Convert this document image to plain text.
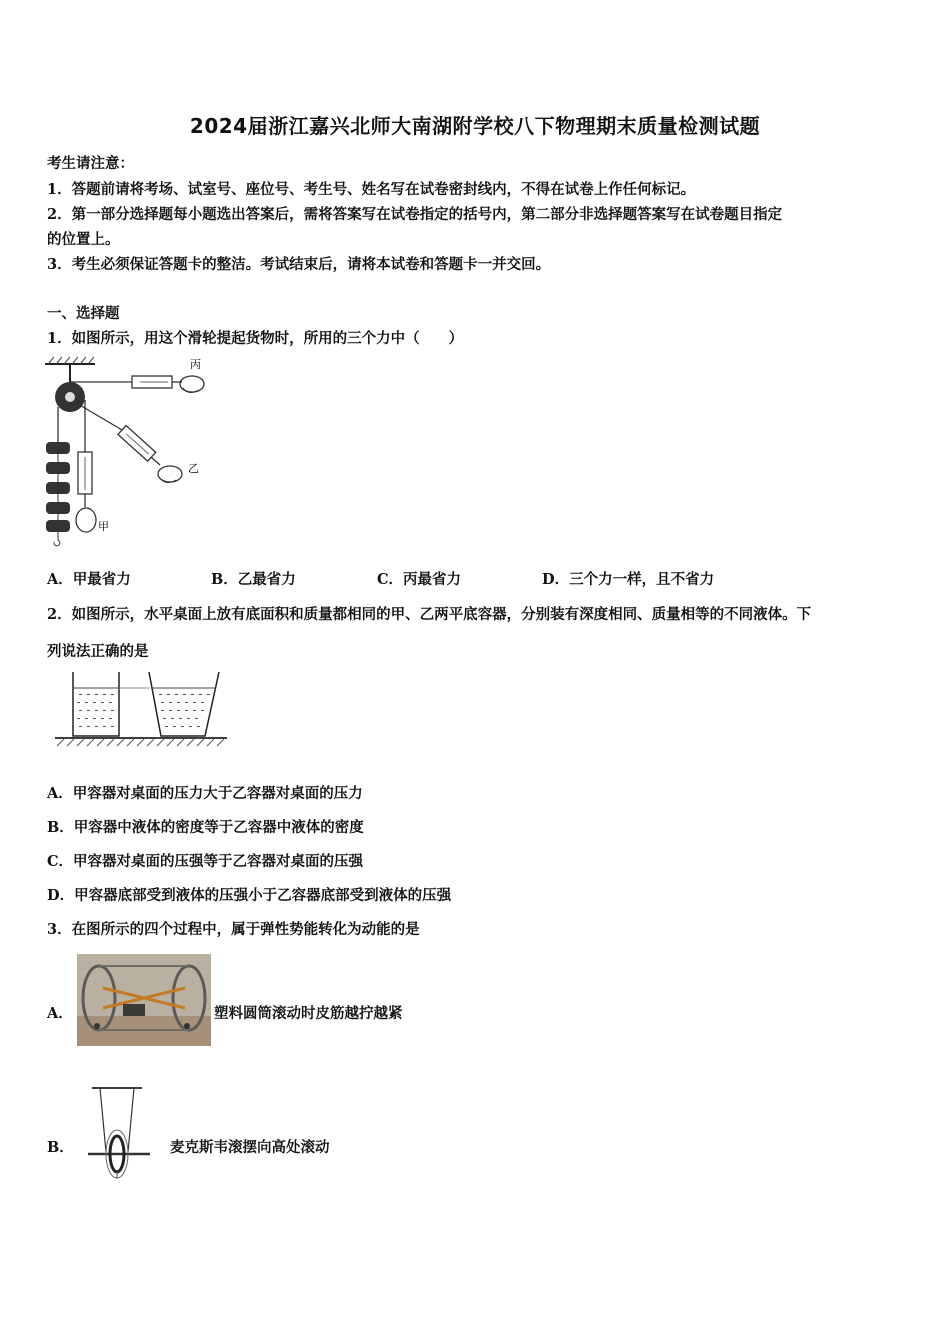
2024届浙江嘉兴北师大南湖附学校八下物理期末质量检测试题
考生请注意：
1．答题前请将考场、试室号、座位号、考生号、姓名写在试卷密封线内，不得在试卷上作任何标记。
2．第一部分选择题每小题选出答案后，需将答案写在试卷指定的括号内，第二部分非选择题答案写在试卷题目指定
的位置上。
3．考生必须保证答题卡的整洁。考试结束后，请将本试卷和答题卡一并交回。
一、选择题
1．如图所示，用这个滑轮提起货物时，所用的三个力中（　　）
丙
乙
甲
A．甲最省力	B．乙最省力	C．丙最省力	D．三个力一样，且不省力
2．如图所示，水平桌面上放有底面积和质量都相同的甲、乙两平底容器，分别装有深度相同、质量相等的不同液体。下
列说法正确的是
A．甲容器对桌面的压力大于乙容器对桌面的压力
B．甲容器中液体的密度等于乙容器中液体的密度
C．甲容器对桌面的压强等于乙容器对桌面的压强
D．甲容器底部受到液体的压强小于乙容器底部受到液体的压强
3．在图所示的四个过程中，属于弹性势能转化为动能的是
A．	塑料圆筒滚动时皮筋越拧越紧
B．	麦克斯韦滚摆向高处滚动
